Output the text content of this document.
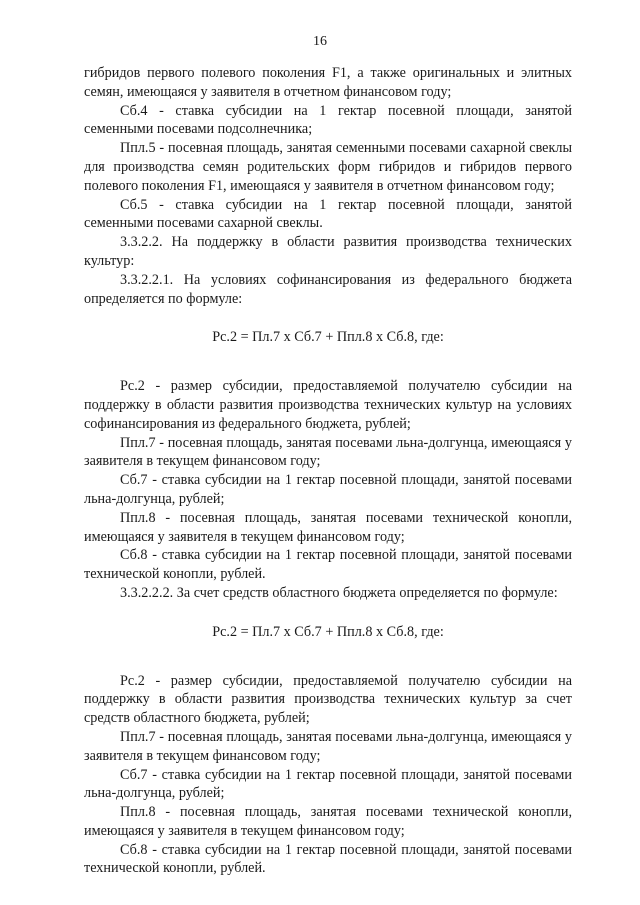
16

гибридов первого полевого поколения F1, а также оригинальных и элитных семян, имеющаяся у заявителя в отчетном финансовом году;

Сб.4 - ставка субсидии на 1 гектар посевной площади, занятой семенными посевами подсолнечника;

Ппл.5 - посевная площадь, занятая семенными посевами сахарной свеклы для производства семян родительских форм гибридов и гибридов первого полевого поколения F1, имеющаяся у заявителя в отчетном финансовом году;

Сб.5 - ставка субсидии на 1 гектар посевной площади, занятой семенными посевами сахарной свеклы.

3.3.2.2. На поддержку в области развития производства технических культур:

3.3.2.2.1. На условиях софинансирования из федерального бюджета определяется по формуле:

Рс.2 = Пл.7 х Сб.7 + Ппл.8 х Сб.8, где:

Рс.2 - размер субсидии, предоставляемой получателю субсидии на поддержку в области развития производства технических культур на условиях софинансирования из федерального бюджета, рублей;

Ппл.7 - посевная площадь, занятая посевами льна-долгунца, имеющаяся у заявителя в текущем финансовом году;

Сб.7 - ставка субсидии на 1 гектар посевной площади, занятой посевами льна-долгунца, рублей;

Ппл.8 - посевная площадь, занятая посевами технической конопли, имеющаяся у заявителя в текущем финансовом году;

Сб.8 - ставка субсидии на 1 гектар посевной площади, занятой посевами технической конопли, рублей.

3.3.2.2.2. За счет средств областного бюджета определяется по формуле:

Рс.2 = Пл.7 х Сб.7 + Ппл.8 х Сб.8, где:

Рс.2 - размер субсидии, предоставляемой получателю субсидии на поддержку в области развития производства технических культур за счет средств областного бюджета, рублей;

Ппл.7 - посевная площадь, занятая посевами льна-долгунца, имеющаяся у заявителя в текущем финансовом году;

Сб.7 - ставка субсидии на 1 гектар посевной площади, занятой посевами льна-долгунца, рублей;

Ппл.8 - посевная площадь, занятая посевами технической конопли, имеющаяся у заявителя в текущем финансовом году;

Сб.8 - ставка субсидии на 1 гектар посевной площади, занятой посевами технической конопли, рублей.
